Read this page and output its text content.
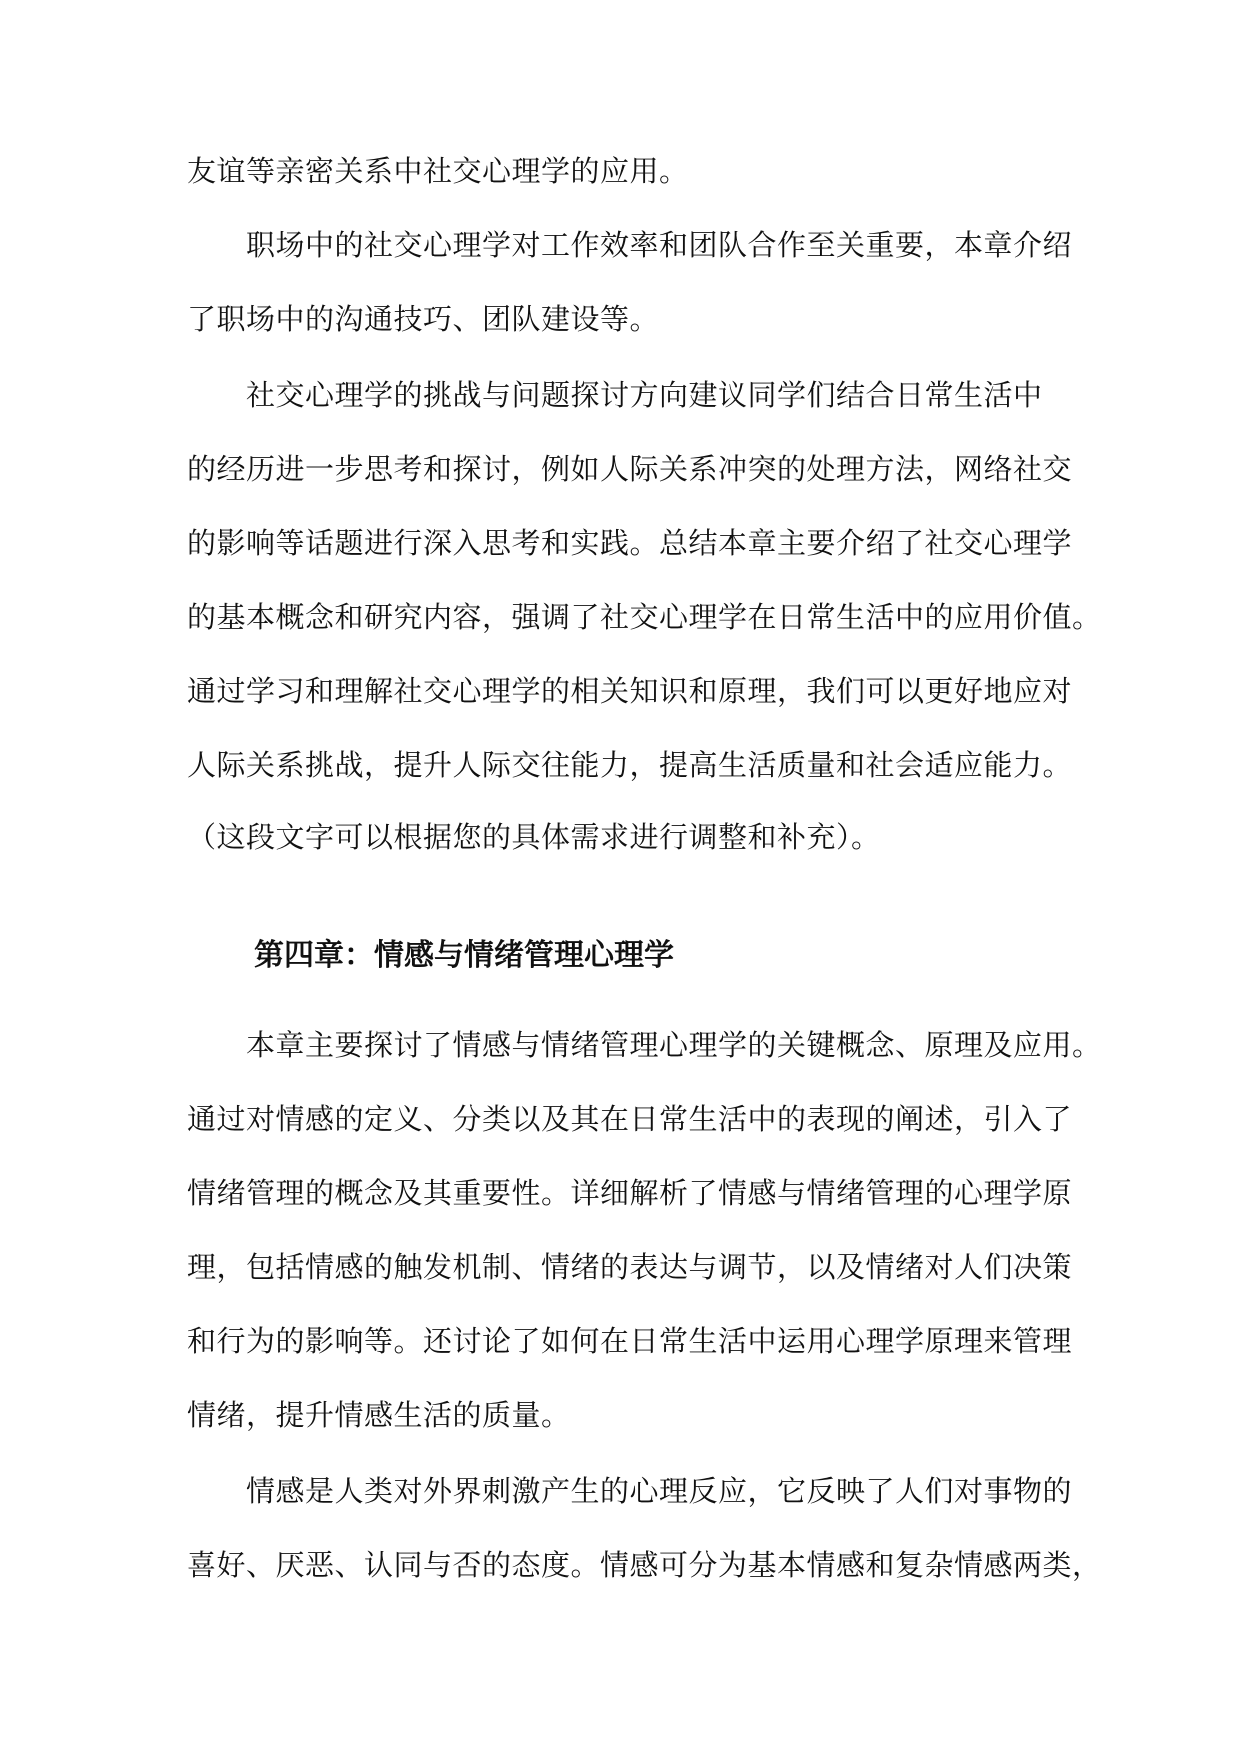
友谊等亲密关系中社交心理学的应用。
职场中的社交心理学对工作效率和团队合作至关重要，本章介绍
了职场中的沟通技巧、团队建设等。
社交心理学的挑战与问题探讨方向建议同学们结合日常生活中
的经历进一步思考和探讨，例如人际关系冲突的处理方法，网络社交
的影响等话题进行深入思考和实践。总结本章主要介绍了社交心理学
的基本概念和研究内容，强调了社交心理学在日常生活中的应用价值。
通过学习和理解社交心理学的相关知识和原理，我们可以更好地应对
人际关系挑战，提升人际交往能力，提高生活质量和社会适应能力。
（这段文字可以根据您的具体需求进行调整和补充）。
第四章：情感与情绪管理心理学
本章主要探讨了情感与情绪管理心理学的关键概念、原理及应用。
通过对情感的定义、分类以及其在日常生活中的表现的阐述，引入了
情绪管理的概念及其重要性。详细解析了情感与情绪管理的心理学原
理，包括情感的触发机制、情绪的表达与调节，以及情绪对人们决策
和行为的影响等。还讨论了如何在日常生活中运用心理学原理来管理
情绪，提升情感生活的质量。
情感是人类对外界刺激产生的心理反应，它反映了人们对事物的
喜好、厌恶、认同与否的态度。情感可分为基本情感和复杂情感两类，
